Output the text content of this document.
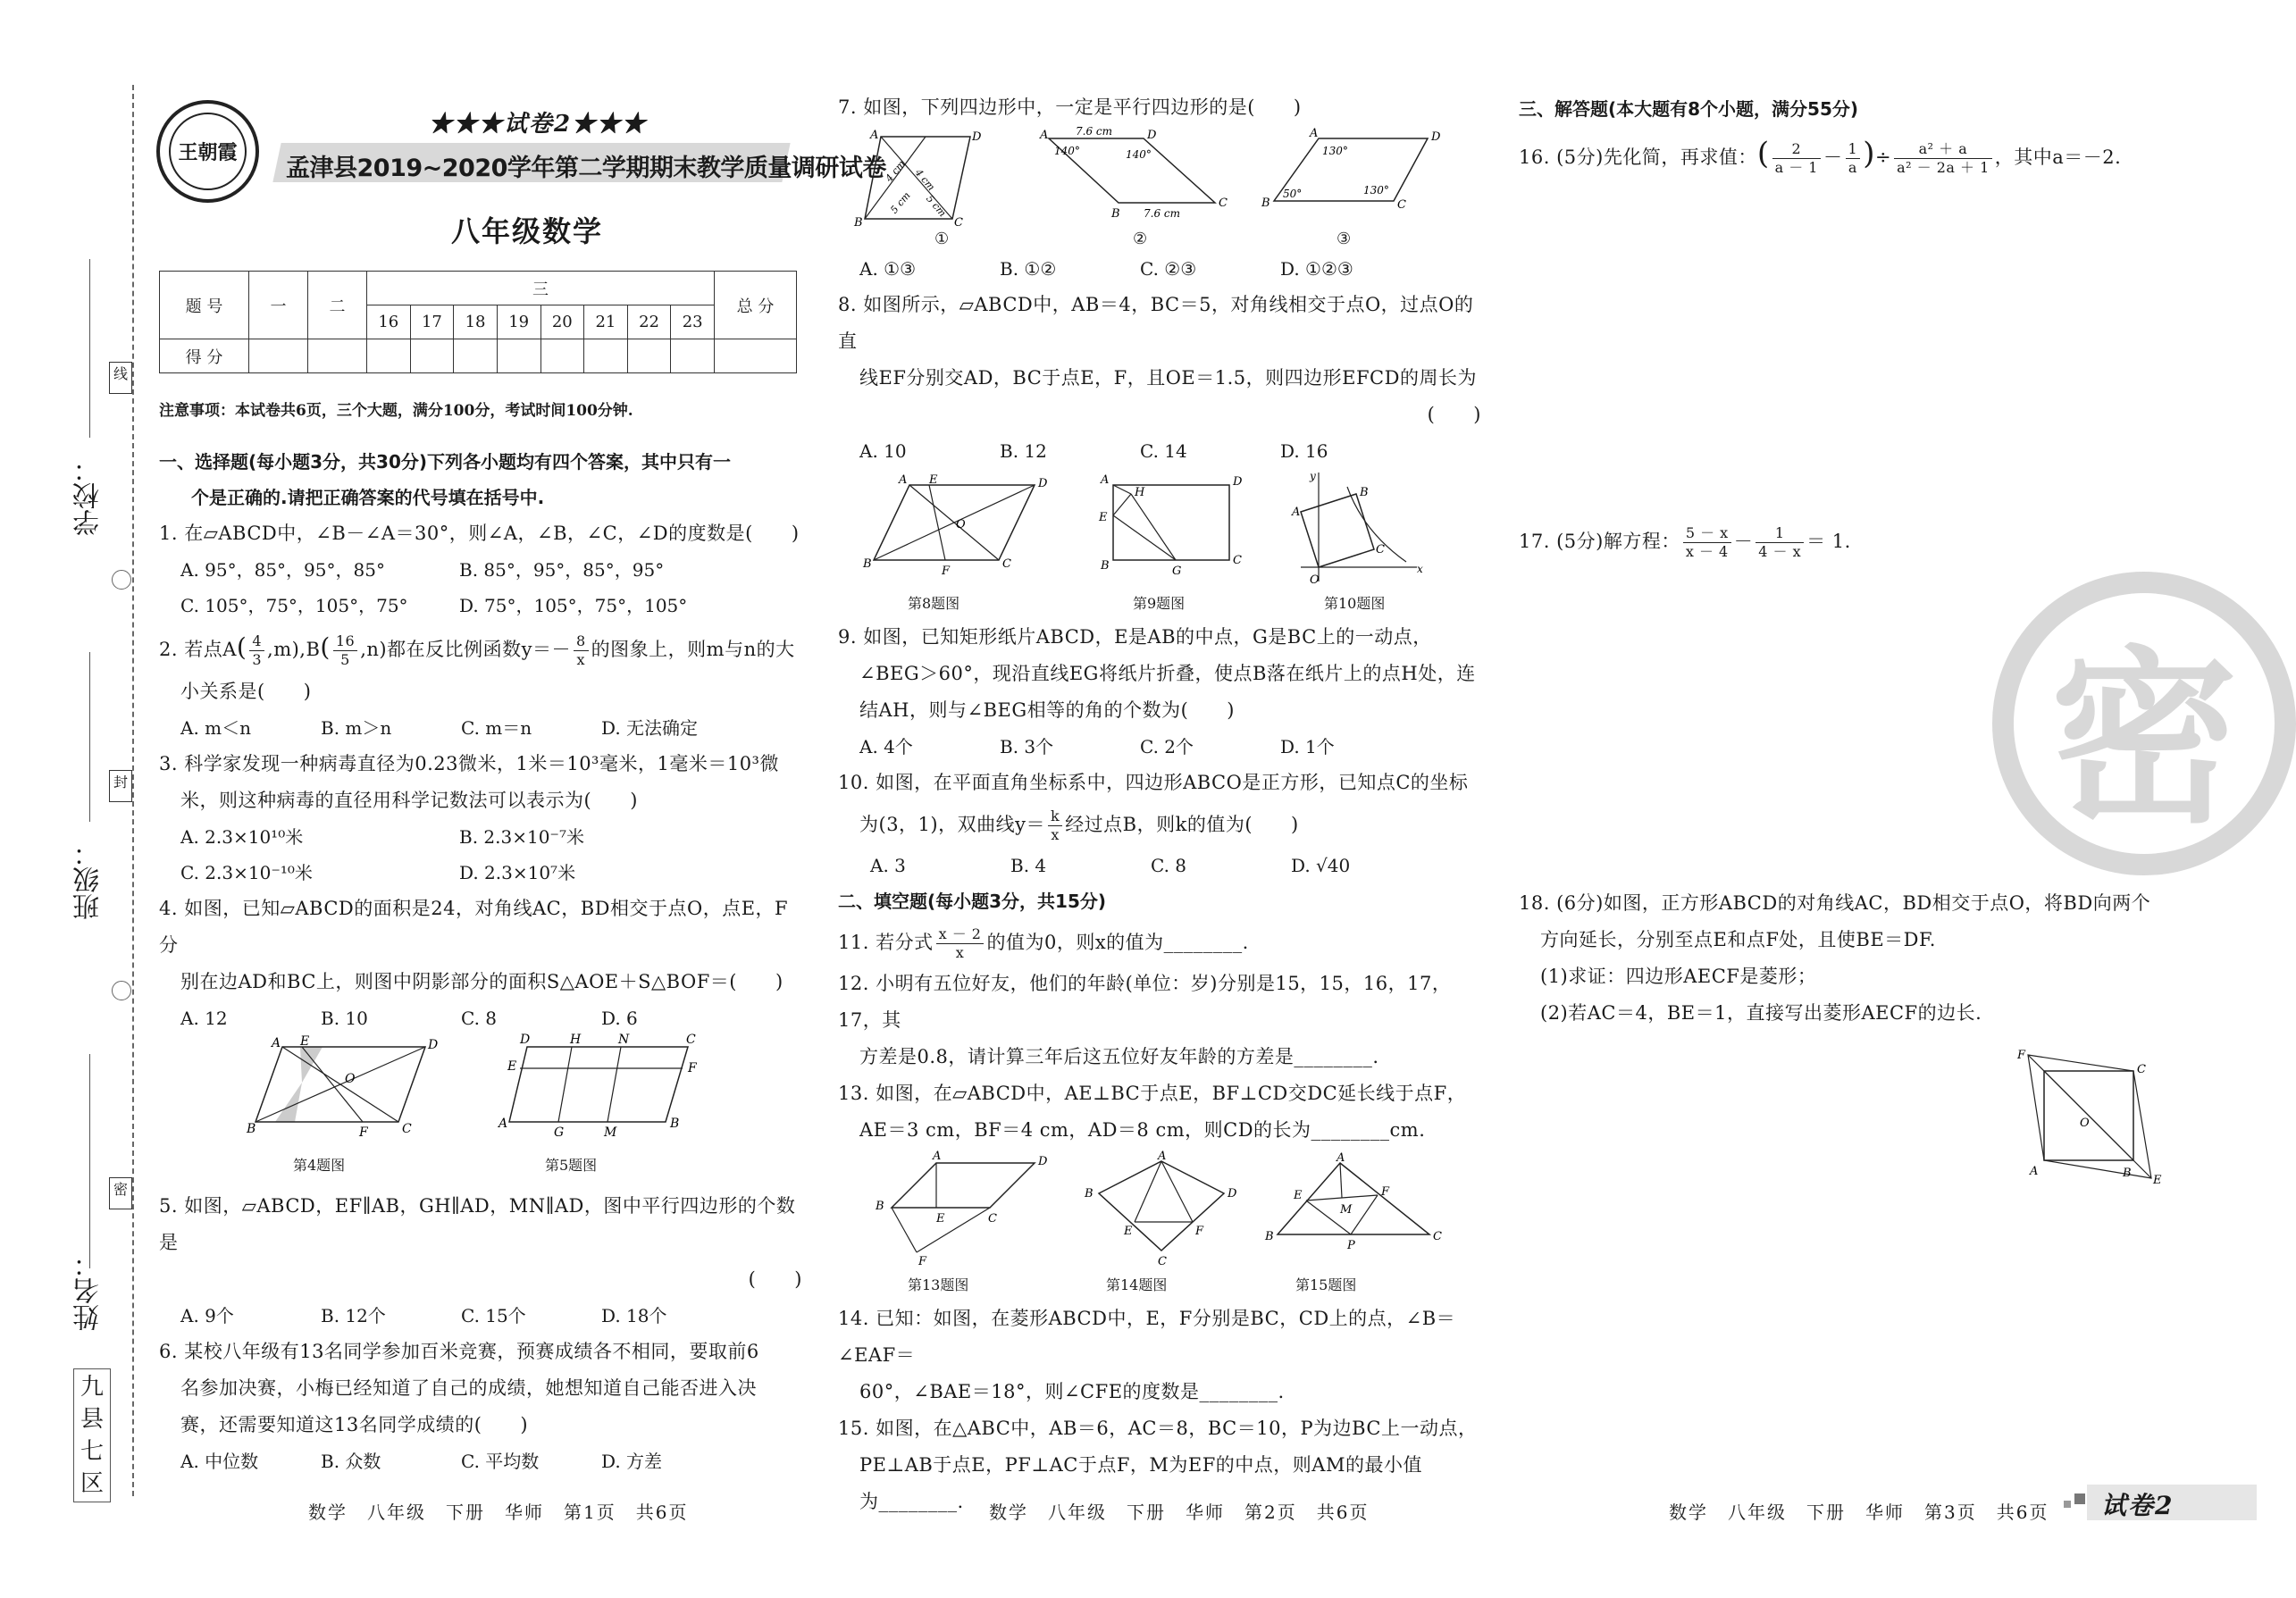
学校：
班级：
姓名：
线
封
密
九
县
七
区
王朝霞
★★★试卷2★★★
孟津县2019~2020学年第二学期期末教学质量调研试卷
八年级数学
题 号	一	二	三								总 分
			16	17	18	19	20	21	22	23	
得 分											
注意事项：本试卷共6页，三个大题，满分100分，考试时间100分钟.
一、选择题(每小题3分，共30分)下列各小题均有四个答案，其中只有一
个是正确的.请把正确答案的代号填在括号中.
1. 在▱ABCD中，∠B－∠A＝30°，则∠A，∠B，∠C，∠D的度数是(　　)
A. 95°，85°，95°，85°	B. 85°，95°，85°，95°
C. 105°，75°，105°，75°	D. 75°，105°，75°，105°
2. 若点$A( \frac{4}{3} ,m),B( \frac{16}{5} ,n)$都在反比例函数$y=- \frac{8}{x}$ 的图象上，则m与n的大
小关系是(　　)
A. m＜n	B. m＞n	C. m＝n	D. 无法确定
3. 科学家发现一种病毒直径为0.23微米，1米＝10³毫米，1毫米＝10³微
米，则这种病毒的直径用科学记数法可以表示为(　　)
A. 2.3×10¹⁰米	B. 2.3×10⁻⁷米
C. 2.3×10⁻¹⁰米	D. 2.3×10⁷米
4. 如图，已知▱ABCD的面积是24，对角线AC，BD相交于点O，点E，F分
别在边AD和BC上，则图中阴影部分的面积S△AOE＋S△BOF＝(　　)
A. 12	B. 10	C. 8	D. 6
A E	D
B	F	C
O
第4题图
D	H	N	C
E	F
A
G	M
B
第5题图
5. 如图，▱ABCD，EF∥AB，GH∥AD，MN∥AD，图中平行四边形的个数是
(　　)
A. 9个	B. 12个	C. 15个	D. 18个
6. 某校八年级有13名同学参加百米竞赛，预赛成绩各不相同，要取前6
名参加决赛，小梅已经知道了自己的成绩，她想知道自己能否进入决
赛，还需要知道这13名同学成绩的(　　)
A. 中位数	B. 众数	C. 平均数	D. 方差
7. 如图，下列四边形中，一定是平行四边形的是(　　)
A	D
B	C
4 cm
5 cm
4 cm
5 cm
①
A	D
B
C
7.6 cm
7.6 cm
140°	140°
②
A	D
B	C
130°
50°	130°
③
A. ①③	B. ①②	C. ②③	D. ①②③
8. 如图所示，▱ABCD中，AB＝4，BC＝5，对角线相交于点O，过点O的直
线EF分别交AD，BC于点E，F，且OE＝1.5，则四边形EFCD的周长为
(　　)
A. 10	B. 12	C. 14	D. 16
A E	D
B
F
C
O
第8题图
A	D
E
H
B	G
C
第9题图
y
x
B
A
C
O
第10题图
9. 如图，已知矩形纸片ABCD，E是AB的中点，G是BC上的一动点，
∠BEG＞60°，现沿直线EG将纸片折叠，使点B落在纸片上的点H处，连
结AH，则与∠BEG相等的角的个数为(　　)
A. 4个	B. 3个	C. 2个	D. 1个
10. 如图，在平面直角坐标系中，四边形ABCO是正方形，已知点C的坐标
为(3，1)，双曲线$y= \frac{k}{x}$ 经过点B，则k的值为(　　)
A. 3	B. 4	C. 8	D. √40
二、填空题(每小题3分，共15分)
11. 若分式 $\frac{x - 2}{x}$ 的值为0，则x的值为________.
12. 小明有五位好友，他们的年龄(单位：岁)分别是15，15，16，17，17，其
方差是0.8，请计算三年后这五位好友年龄的方差是________.
13. 如图，在▱ABCD中，AE⊥BC于点E，BF⊥CD交DC延长线于点F，
AE＝3 cm，BF＝4 cm，AD＝8 cm，则CD的长为________cm.
A	D
B
E	C
F
第13题图
A
D
B
E	F
C
第14题图
A
C
B
E	F
M
P
第15题图
14. 已知：如图，在菱形ABCD中，E，F分别是BC，CD上的点，∠B＝∠EAF＝
60°，∠BAE＝18°，则∠CFE的度数是________.
15. 如图，在△ABC中，AB＝6，AC＝8，BC＝10，P为边BC上一动点，
PE⊥AB于点E，PF⊥AC于点F，M为EF的中点，则AM的最小值
为________.
三、解答题(本大题有8个小题，满分55分)
16. (5分)先化简，再求值：( $\frac{2}{a - 1} - \frac{1}{a}$ )÷ $\frac{\text{a² ＋ a}}{\text{a² － 2a ＋ 1}}$ ，其中a＝－2.
17. (5分)解方程： $\frac{5 - x}{x - 4} - \frac{1}{4 - x} = 1$.
18. (6分)如图，正方形ABCD的对角线AC，BD相交于点O，将BD向两个
方向延长，分别至点E和点F处，且使BE＝DF.
(1)求证：四边形AECF是菱形；
(2)若AC＝4，BE＝1，直接写出菱形AECF的边长.
F
C
A	B
E
O
密
数学　八年级　下册　华师　第1页　共6页	数学　八年级　下册　华师　第2页　共6页	数学　八年级　下册　华师　第3页　共6页 试卷2
